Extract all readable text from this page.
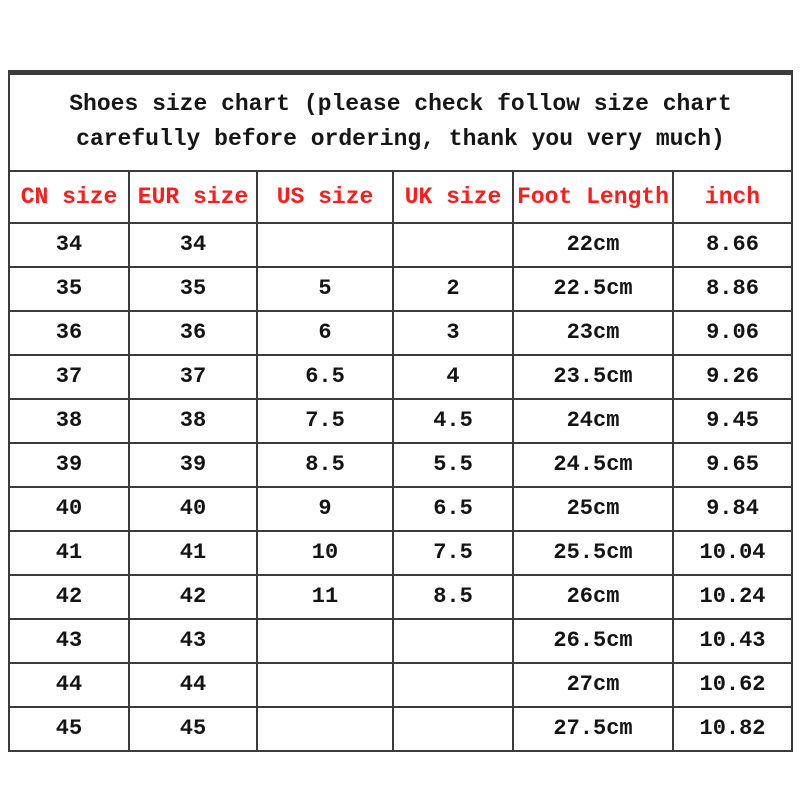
Shoes size chart (please check follow size chart
carefully before ordering, thank you very much)					

CN size	EUR size	US size	UK size	Foot Length	inch
34	34			22cm	8.66
35	35	5	2	22.5cm	8.86
36	36	6	3	23cm	9.06
37	37	6.5	4	23.5cm	9.26
38	38	7.5	4.5	24cm	9.45
39	39	8.5	5.5	24.5cm	9.65
40	40	9	6.5	25cm	9.84
41	41	10	7.5	25.5cm	10.04
42	42	11	8.5	26cm	10.24
43	43			26.5cm	10.43
44	44			27cm	10.62
45	45			27.5cm	10.82
